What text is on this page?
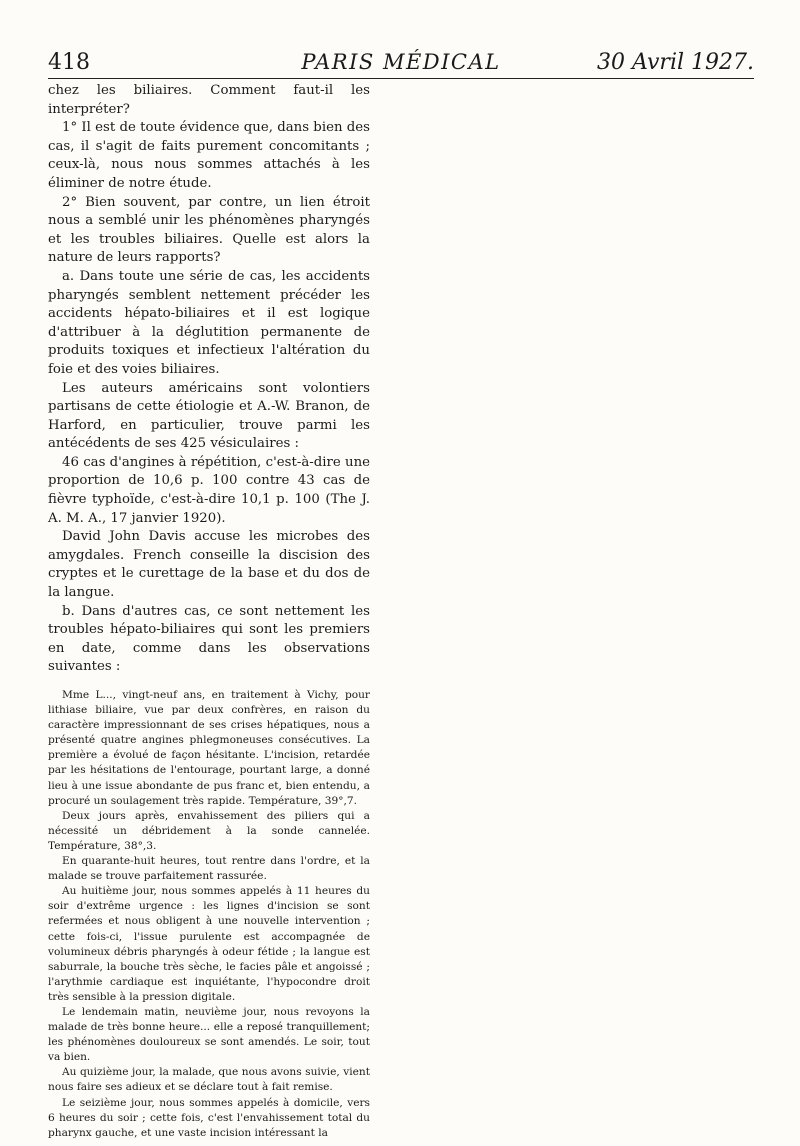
418	PARIS MÉDICAL	30 Avril 1927.

chez les biliaires. Comment faut-il les interpréter?

1° Il est de toute évidence que, dans bien des cas, il s'agit de faits purement concomitants ; ceux-là, nous nous sommes attachés à les éliminer de notre étude.

2° Bien souvent, par contre, un lien étroit nous a semblé unir les phénomènes pharyngés et les troubles biliaires. Quelle est alors la nature de leurs rapports?

a. Dans toute une série de cas, les accidents pharyngés semblent nettement précéder les accidents hépato-biliaires et il est logique d'attribuer à la déglutition permanente de produits toxiques et infectieux l'altération du foie et des voies biliaires.

Les auteurs américains sont volontiers partisans de cette étiologie et A.-W. Branon, de Harford, en particulier, trouve parmi les antécédents de ses 425 vésiculaires :

46 cas d'angines à répétition, c'est-à-dire une proportion de 10,6 p. 100 contre 43 cas de fièvre typhoïde, c'est-à-dire 10,1 p. 100 (The J. A. M. A., 17 janvier 1920).

David John Davis accuse les microbes des amygdales. French conseille la discision des cryptes et le curettage de la base et du dos de la langue.

b. Dans d'autres cas, ce sont nettement les troubles hépato-biliaires qui sont les premiers en date, comme dans les observations suivantes :

Mme L..., vingt-neuf ans, en traitement à Vichy, pour lithiase biliaire, vue par deux confrères, en raison du caractère impressionnant de ses crises hépatiques, nous a présenté quatre angines phlegmoneuses consécutives. La première a évolué de façon hésitante. L'incision, retardée par les hésitations de l'entourage, pourtant large, a donné lieu à une issue abondante de pus franc et, bien entendu, a procuré un soulagement très rapide. Température, 39°,7.

Deux jours après, envahissement des piliers qui a nécessité un débridement à la sonde cannelée. Température, 38°,3.

En quarante-huit heures, tout rentre dans l'ordre, et la malade se trouve parfaitement rassurée.

Au huitième jour, nous sommes appelés à 11 heures du soir d'extrême urgence : les lignes d'incision se sont refermées et nous obligent à une nouvelle intervention ; cette fois-ci, l'issue purulente est accompagnée de volumineux débris pharyngés à odeur fétide ; la langue est saburrale, la bouche très sèche, le facies pâle et angoissé ; l'arythmie cardiaque est inquiétante, l'hypocondre droit très sensible à la pression digitale.

Le lendemain matin, neuvième jour, nous revoyons la malade de très bonne heure... elle a reposé tranquillement; les phénomènes douloureux se sont amendés. Le soir, tout va bien.

Au quizième jour, la malade, que nous avons suivie, vient nous faire ses adieux et se déclare tout à fait remise.

Le seizième jour, nous sommes appelés à domicile, vers 6 heures du soir ; cette fois, c'est l'envahissement total du pharynx gauche, et une vaste incision intéressant la
